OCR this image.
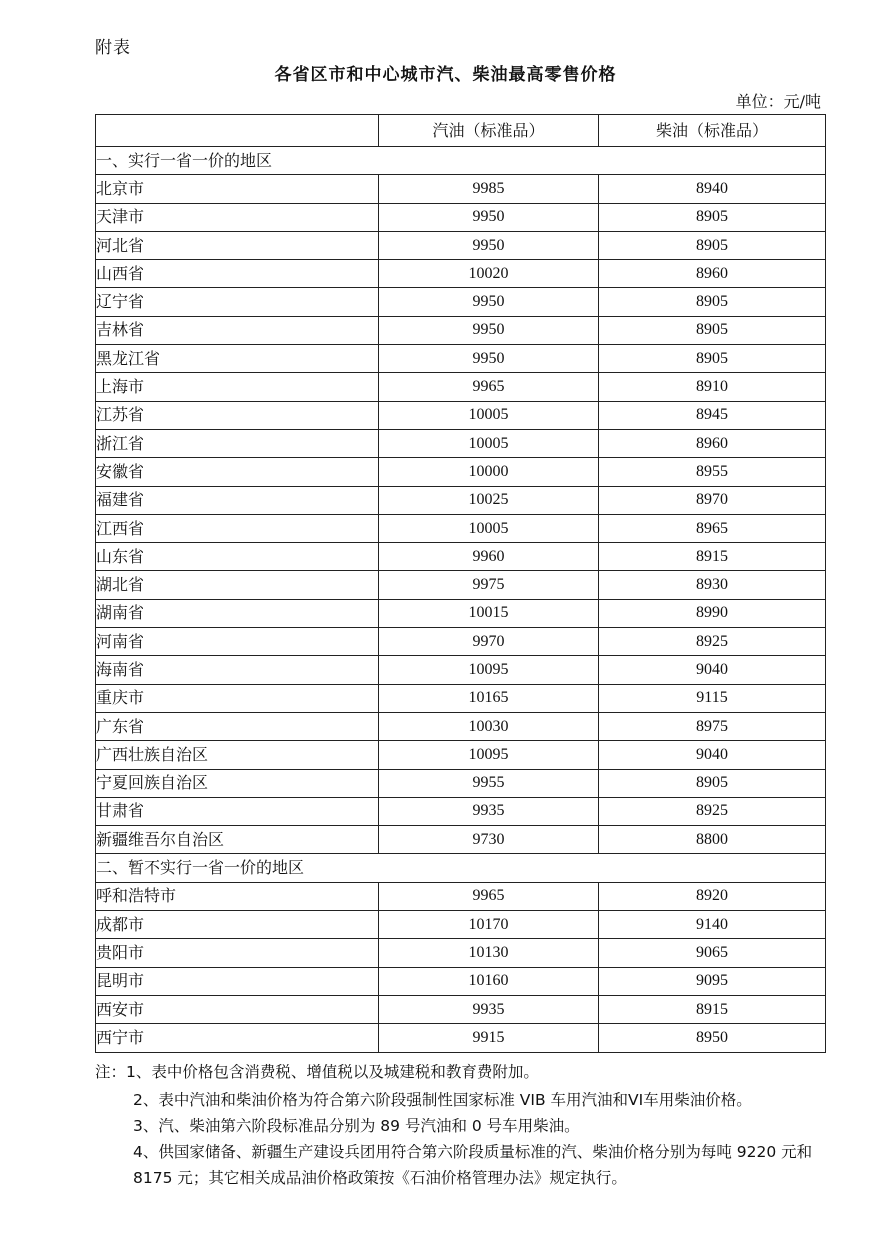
附表
各省区市和中心城市汽、柴油最高零售价格
单位：元/吨
	汽油（标准品）	柴油（标准品）
一、实行一省一价的地区		
北京市	9985	8940
天津市	9950	8905
河北省	9950	8905
山西省	10020	8960
辽宁省	9950	8905
吉林省	9950	8905
黑龙江省	9950	8905
上海市	9965	8910
江苏省	10005	8945
浙江省	10005	8960
安徽省	10000	8955
福建省	10025	8970
江西省	10005	8965
山东省	9960	8915
湖北省	9975	8930
湖南省	10015	8990
河南省	9970	8925
海南省	10095	9040
重庆市	10165	9115
广东省	10030	8975
广西壮族自治区	10095	9040
宁夏回族自治区	9955	8905
甘肃省	9935	8925
新疆维吾尔自治区	9730	8800
二、暂不实行一省一价的地区		
呼和浩特市	9965	8920
成都市	10170	9140
贵阳市	10130	9065
昆明市	10160	9095
西安市	9935	8915
西宁市	9915	8950
注：1、表中价格包含消费税、增值税以及城建税和教育费附加。
2、表中汽油和柴油价格为符合第六阶段强制性国家标准 VIB 车用汽油和VI车用柴油价格。
3、汽、柴油第六阶段标准品分别为 89 号汽油和 0 号车用柴油。
4、供国家储备、新疆生产建设兵团用符合第六阶段质量标准的汽、柴油价格分别为每吨 9220 元和 8175 元；其它相关成品油价格政策按《石油价格管理办法》规定执行。
